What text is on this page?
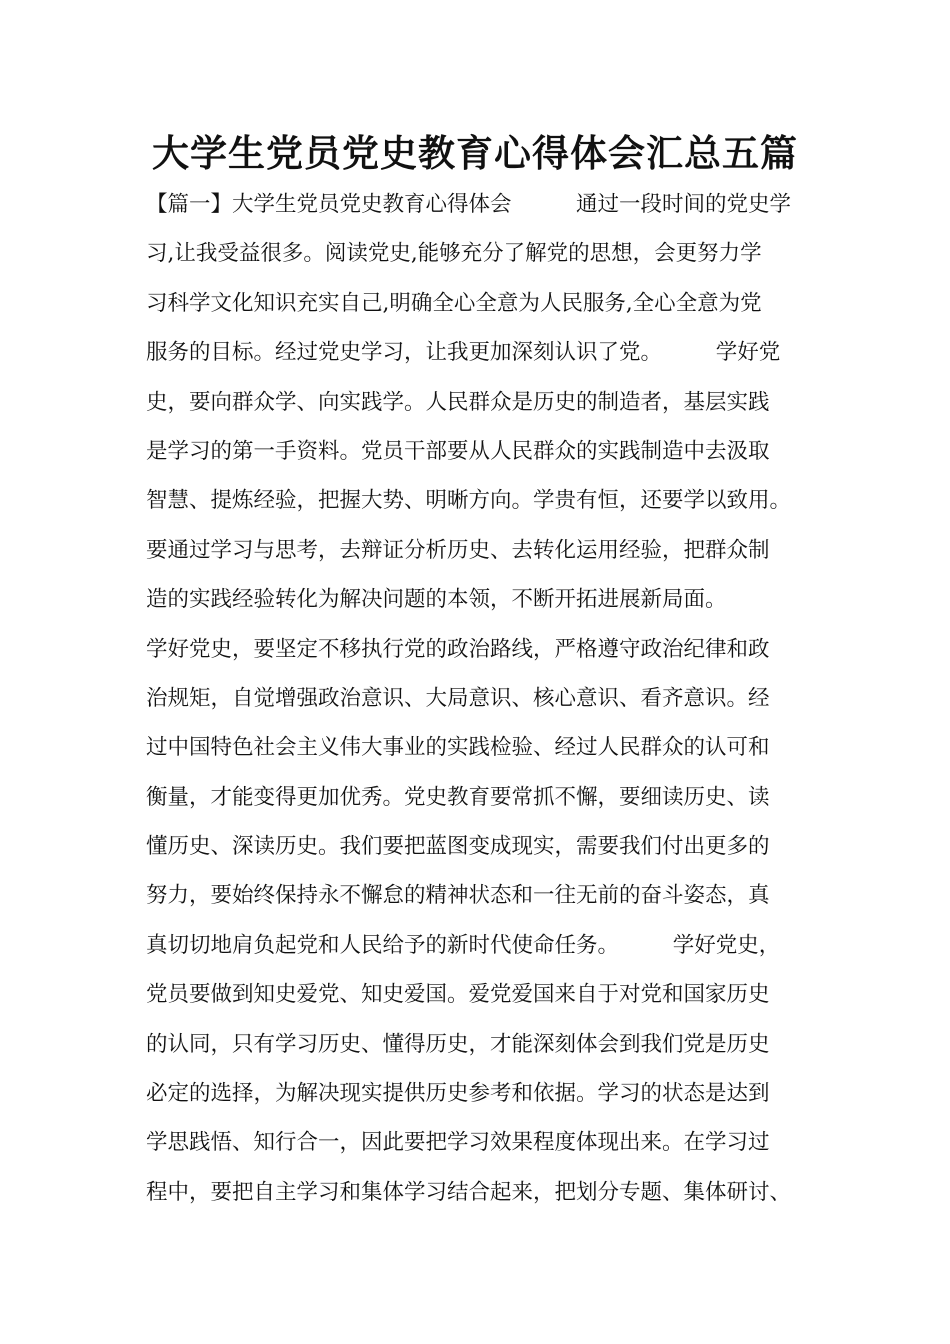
大学生党员党史教育心得体会汇总五篇
【篇一】大学生党员党史教育心得体会　　　通过一段时间的党史学
习,让我受益很多。阅读党史,能够充分了解党的思想，会更努力学
习科学文化知识充实自己,明确全心全意为人民服务,全心全意为党
服务的目标。经过党史学习，让我更加深刻认识了党。　　　学好党
史，要向群众学、向实践学。人民群众是历史的制造者，基层实践
是学习的第一手资料。党员干部要从人民群众的实践制造中去汲取
智慧、提炼经验，把握大势、明晰方向。学贵有恒，还要学以致用。
要通过学习与思考，去辩证分析历史、去转化运用经验，把群众制
造的实践经验转化为解决问题的本领，不断开拓进展新局面。
学好党史，要坚定不移执行党的政治路线，严格遵守政治纪律和政
治规矩，自觉增强政治意识、大局意识、核心意识、看齐意识。经
过中国特色社会主义伟大事业的实践检验、经过人民群众的认可和
衡量，才能变得更加优秀。党史教育要常抓不懈，要细读历史、读
懂历史、深读历史。我们要把蓝图变成现实，需要我们付出更多的
努力，要始终保持永不懈怠的精神状态和一往无前的奋斗姿态，真
真切切地肩负起党和人民给予的新时代使命任务。　　　学好党史，
党员要做到知史爱党、知史爱国。爱党爱国来自于对党和国家历史
的认同，只有学习历史、懂得历史，才能深刻体会到我们党是历史
必定的选择，为解决现实提供历史参考和依据。学习的状态是达到
学思践悟、知行合一，因此要把学习效果程度体现出来。在学习过
程中，要把自主学习和集体学习结合起来，把划分专题、集体研讨、
